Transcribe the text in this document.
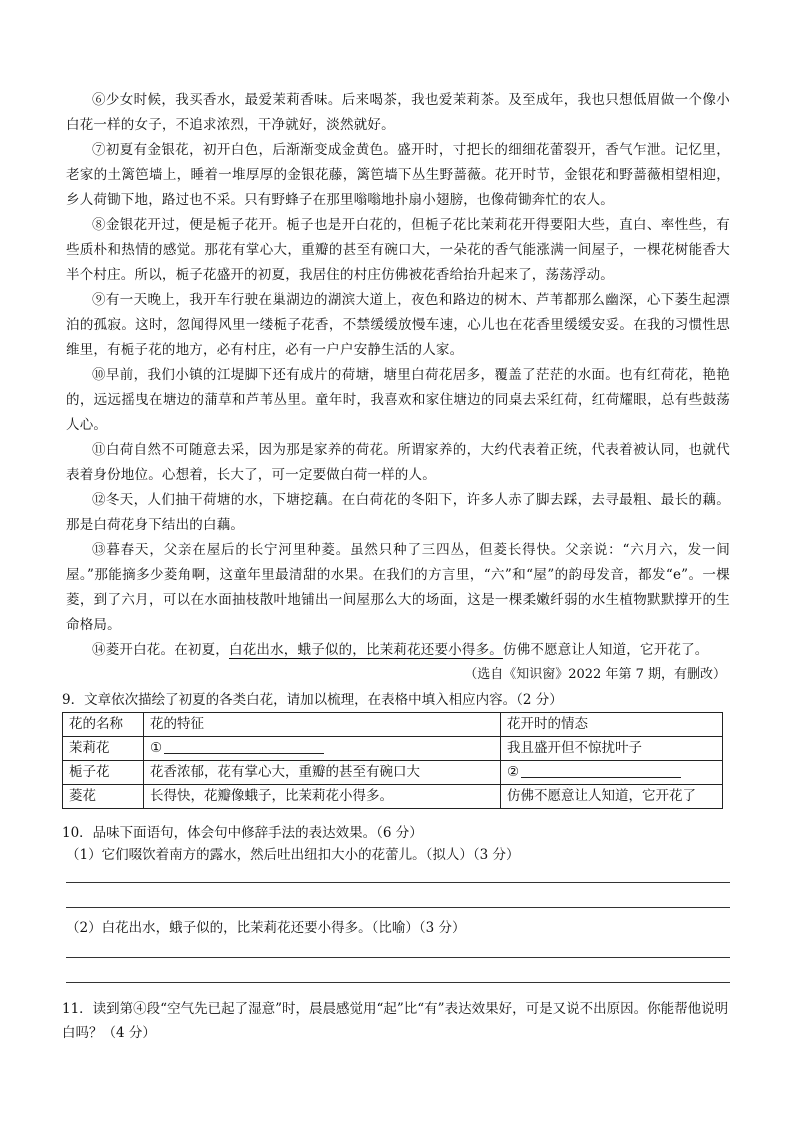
⑥少女时候，我买香水，最爱茉莉香味。后来喝茶，我也爱茉莉茶。及至成年，我也只想低眉做一个像小白花一样的女子，不追求浓烈，干净就好，淡然就好。

⑦初夏有金银花，初开白色，后渐渐变成金黄色。盛开时，寸把长的细细花蕾裂开，香气乍泄。记忆里，老家的土篱笆墙上，睡着一堆厚厚的金银花藤，篱笆墙下丛生野蔷薇。花开时节，金银花和野蔷薇相望相迎，乡人荷锄下地，路过也不采。只有野蜂子在那里嗡嗡地扑扇小翅膀，也像荷锄奔忙的农人。

⑧金银花开过，便是栀子花开。栀子也是开白花的，但栀子花比茉莉花开得要阳大些，直白、率性些，有些质朴和热情的感觉。那花有掌心大，重瓣的甚至有碗口大，一朵花的香气能涨满一间屋子，一棵花树能香大半个村庄。所以，栀子花盛开的初夏，我居住的村庄仿佛被花香给抬升起来了，荡荡浮动。

⑨有一天晚上，我开车行驶在巢湖边的湖滨大道上，夜色和路边的树木、芦苇都那么幽深，心下萎生起漂泊的孤寂。这时，忽闻得风里一缕栀子花香，不禁缓缓放慢车速，心儿也在花香里缓缓安妥。在我的习惯性思维里，有栀子花的地方，必有村庄，必有一户户安静生活的人家。

⑩早前，我们小镇的江堤脚下还有成片的荷塘，塘里白荷花居多，覆盖了茫茫的水面。也有红荷花，艳艳的，远远摇曳在塘边的蒲草和芦苇丛里。童年时，我喜欢和家住塘边的同桌去采红荷，红荷耀眼，总有些鼓荡人心。

⑪白荷自然不可随意去采，因为那是家养的荷花。所谓家养的，大约代表着正统，代表着被认同，也就代表着身份地位。心想着，长大了，可一定要做白荷一样的人。

⑫冬天，人们抽干荷塘的水，下塘挖藕。在白荷花的冬阳下，许多人赤了脚去踩，去寻最粗、最长的藕。那是白荷花身下结出的白藕。

⑬暮春天，父亲在屋后的长宁河里种菱。虽然只种了三四丛，但菱长得快。父亲说：“六月六，发一间屋。”那能摘多少菱角啊，这童年里最清甜的水果。在我们的方言里，“六”和“屋”的韵母发音，都发“e”。一棵菱，到了六月，可以在水面抽枝散叶地铺出一间屋那么大的场面，这是一棵柔嫩纤弱的水生植物默默撑开的生命格局。

⑭菱开白花。在初夏，白花出水，蛾子似的，比茉莉花还要小得多。仿佛不愿意让人知道，它开花了。

（选自《知识窗》2022 年第 7 期，有删改）

9．文章依次描绘了初夏的各类白花，请加以梳理，在表格中填入相应内容。（2 分）

花的名称	花的特征	花开时的情态
茉莉花	①	我且盛开但不惊扰叶子
栀子花	花香浓郁，花有掌心大，重瓣的甚至有碗口大	②
菱花	长得快，花瓣像蛾子，比茉莉花小得多。	仿佛不愿意让人知道，它开花了

10．品味下面语句，体会句中修辞手法的表达效果。（6 分）

（1）它们啜饮着南方的露水，然后吐出纽扣大小的花蕾儿。（拟人）（3 分）

（2）白花出水，蛾子似的，比茉莉花还要小得多。（比喻）（3 分）

11．读到第④段“空气先已起了湿意”时，晨晨感觉用“起”比“有”表达效果好，可是又说不出原因。你能帮他说明白吗？（4 分）
